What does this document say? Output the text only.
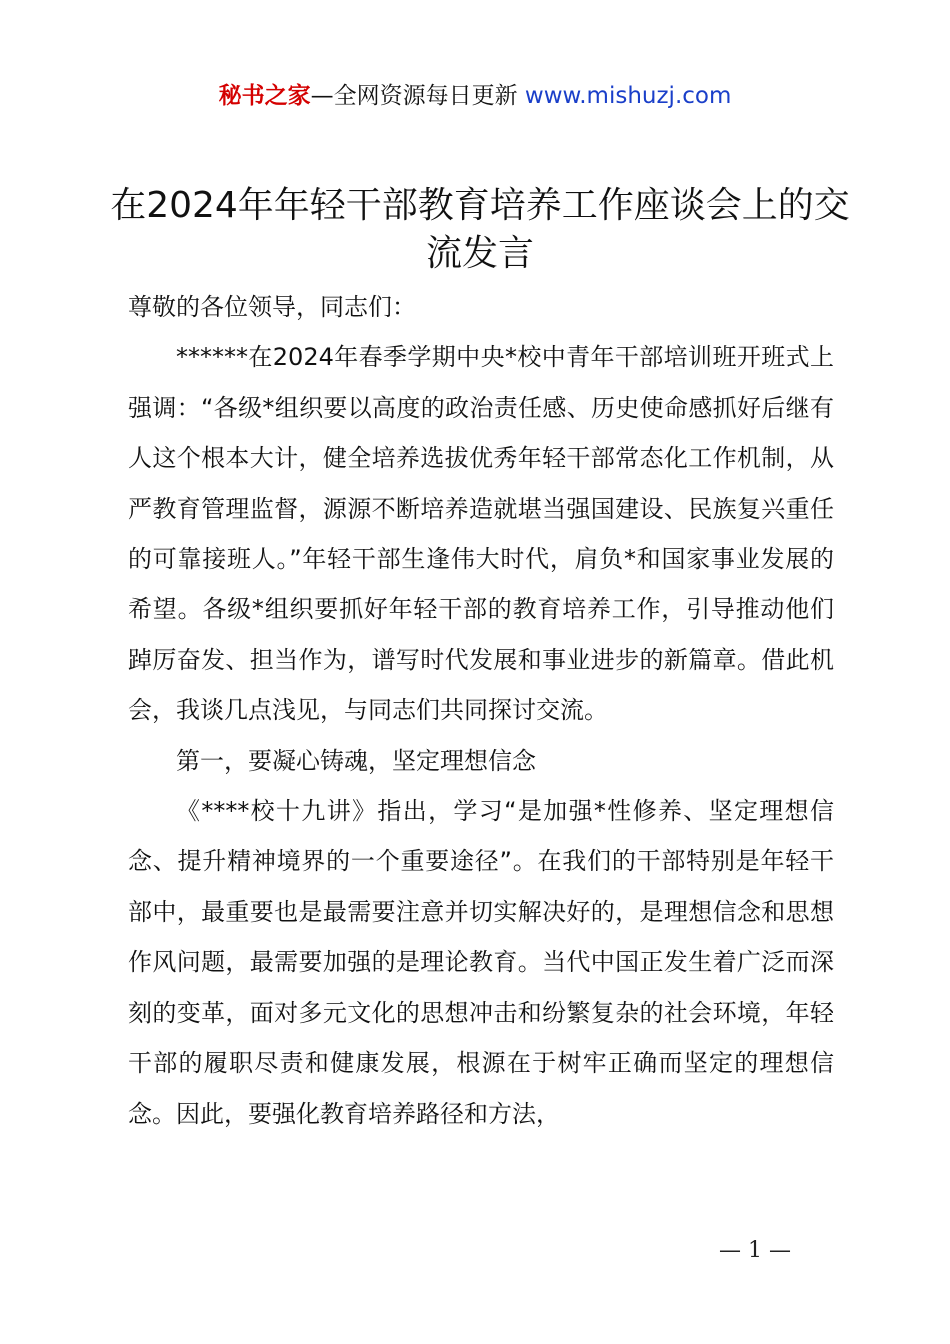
秘书之家—全网资源每日更新 www.mishuzj.com
在2024年年轻干部教育培养工作座谈会上的交流发言

尊敬的各位领导，同志们：

******在2024年春季学期中央*校中青年干部培训班开班式上强调：“各级*组织要以高度的政治责任感、历史使命感抓好后继有人这个根本大计，健全培养选拔优秀年轻干部常态化工作机制，从严教育管理监督，源源不断培养造就堪当强国建设、民族复兴重任的可靠接班人。”年轻干部生逢伟大时代，肩负*和国家事业发展的希望。各级*组织要抓好年轻干部的教育培养工作，引导推动他们踔厉奋发、担当作为，谱写时代发展和事业进步的新篇章。借此机会，我谈几点浅见，与同志们共同探讨交流。

第一，要凝心铸魂，坚定理想信念

《****校十九讲》指出，学习“是加强*性修养、坚定理想信念、提升精神境界的一个重要途径”。在我们的干部特别是年轻干部中，最重要也是最需要注意并切实解决好的，是理想信念和思想作风问题，最需要加强的是理论教育。当代中国正发生着广泛而深刻的变革，面对多元文化的思想冲击和纷繁复杂的社会环境，年轻干部的履职尽责和健康发展，根源在于树牢正确而坚定的理想信念。因此，要强化教育培养路径和方法，

— 1 —
